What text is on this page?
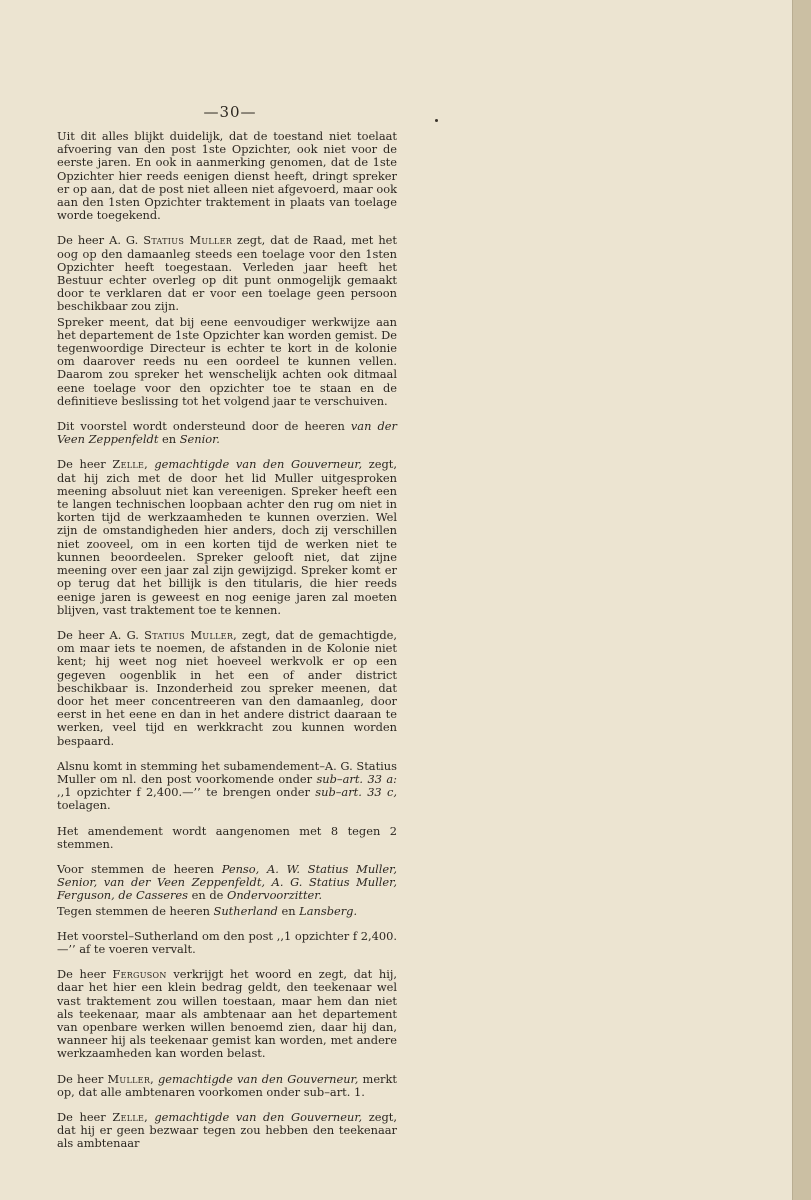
—30—

Uit dit alles blijkt duidelijk, dat de toestand niet toelaat afvoering van den post 1ste Opzichter, ook niet voor de eerste jaren. En ook in aanmerking genomen, dat de 1ste Opzichter hier reeds eenigen dienst heeft, dringt spreker er op aan, dat de post niet alleen niet afgevoerd, maar ook aan den 1sten Opzichter traktement in plaats van toelage worde toegekend.

De heer A. G. Statius Muller zegt, dat de Raad, met het oog op den damaanleg steeds een toelage voor den 1sten Opzichter heeft toegestaan. Verleden jaar heeft het Bestuur echter overleg op dit punt onmogelijk gemaakt door te verklaren dat er voor een toelage geen persoon beschikbaar zou zijn.

Spreker meent, dat bij eene eenvoudiger werkwijze aan het departement de 1ste Opzichter kan worden gemist. De tegenwoordige Directeur is echter te kort in de kolonie om daarover reeds nu een oordeel te kunnen vellen. Daarom zou spreker het wenschelijk achten ook ditmaal eene toelage voor den opzichter toe te staan en de definitieve beslissing tot het volgend jaar te verschuiven.

Dit voorstel wordt ondersteund door de heeren van der Veen Zeppenfeldt en Senior.

De heer Zelle, gemachtigde van den Gouverneur, zegt, dat hij zich met de door het lid Muller uitgesproken meening absoluut niet kan vereenigen. Spreker heeft een te langen technischen loopbaan achter den rug om niet in korten tijd de werkzaamheden te kunnen overzien. Wel zijn de omstandigheden hier anders, doch zij verschillen niet zooveel, om in een korten tijd de werken niet te kunnen beoordeelen. Spreker gelooft niet, dat zijne meening over een jaar zal zijn gewijzigd. Spreker komt er op terug dat het billijk is den titularis, die hier reeds eenige jaren is geweest en nog eenige jaren zal moeten blijven, vast traktement toe te kennen.

De heer A. G. Statius Muller, zegt, dat de gemachtigde, om maar iets te noemen, de afstanden in de Kolonie niet kent; hij weet nog niet hoeveel werkvolk er op een gegeven oogenblik in het een of ander district beschikbaar is. Inzonderheid zou spreker meenen, dat door het meer concentreeren van den damaanleg, door eerst in het eene en dan in het andere district daaraan te werken, veel tijd en werkkracht zou kunnen worden bespaard.

Alsnu komt in stemming het subamendement–A. G. Statius Muller om nl. den post voorkomende onder sub–art. 33 a: ,,1 opzichter f 2,400.—’’ te brengen onder sub–art. 33 c, toelagen.

Het amendement wordt aangenomen met 8 tegen 2 stemmen.

Voor stemmen de heeren Penso, A. W. Statius Muller, Senior, van der Veen Zeppenfeldt, A. G. Statius Muller, Ferguson, de Casseres en de Ondervoorzitter.

Tegen stemmen de heeren Sutherland en Lansberg.

Het voorstel–Sutherland om den post ,,1 opzichter f 2,400.—’’ af te voeren vervalt.

De heer Ferguson verkrijgt het woord en zegt, dat hij, daar het hier een klein bedrag geldt, den teekenaar wel vast traktement zou willen toestaan, maar hem dan niet als teekenaar, maar als ambtenaar aan het departement van openbare werken willen benoemd zien, daar hij dan, wanneer hij als teekenaar gemist kan worden, met andere werkzaamheden kan worden belast.

De heer Muller, gemachtigde van den Gouverneur, merkt op, dat alle ambtenaren voorkomen onder sub–art. 1.

De heer Zelle, gemachtigde van den Gouverneur, zegt, dat hij er geen bezwaar tegen zou hebben den teekenaar als ambtenaar
